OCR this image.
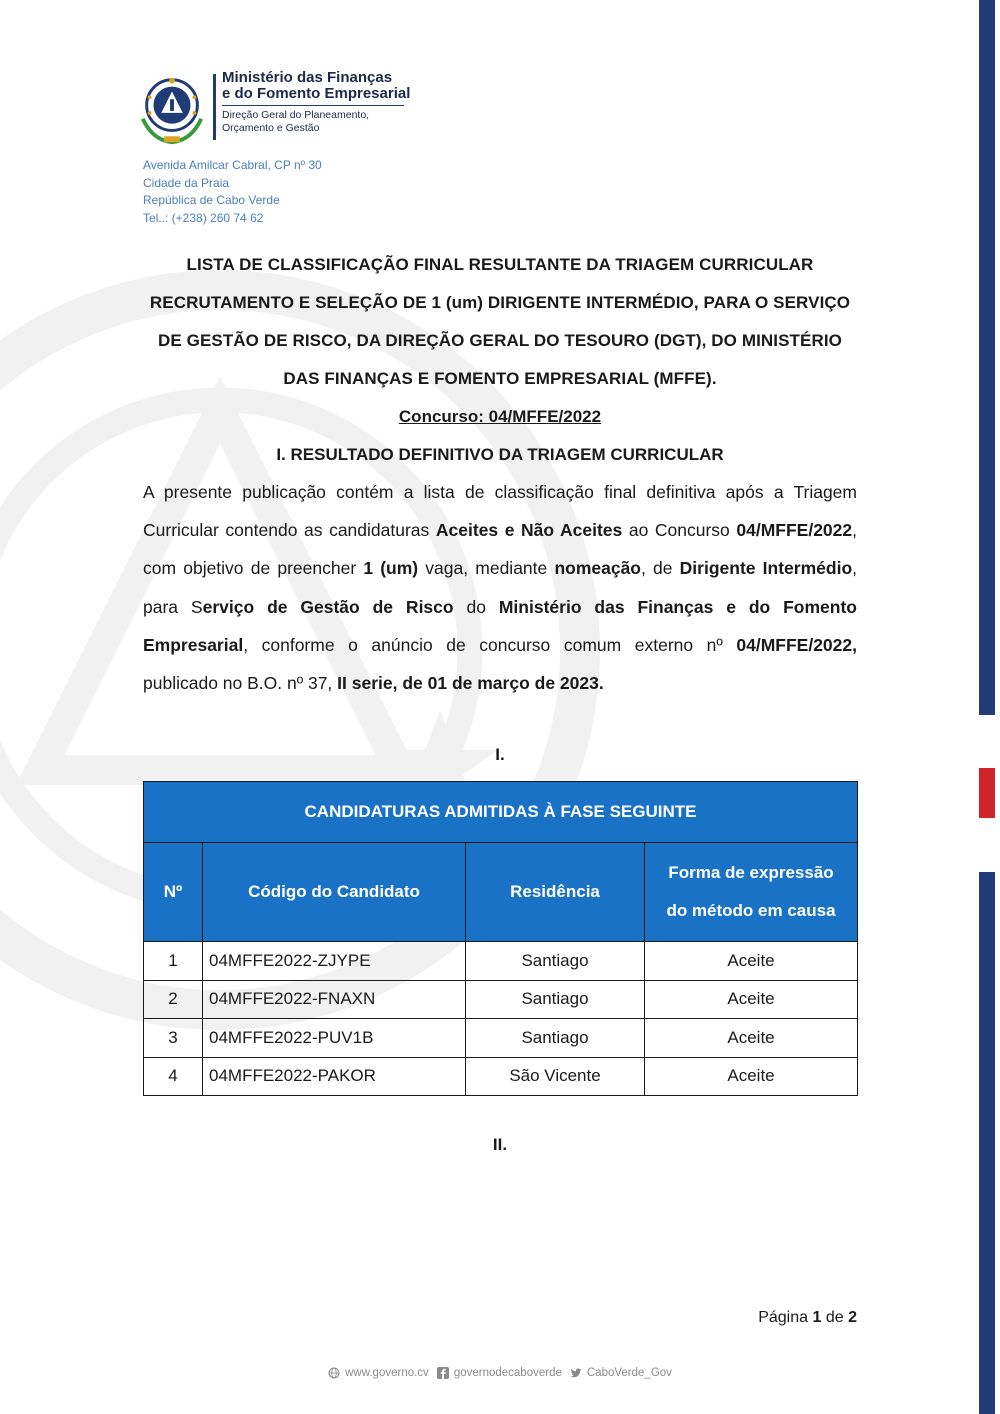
Ministério das Finanças
e do Fomento Empresarial
Direção Geral do Planeamento,
Orçamento e Gestão
Avenida Amilcar Cabral, CP nº 30
Cidade da Praia
República de Cabo Verde
Tel..: (+238) 260 74 62
LISTA DE CLASSIFICAÇÃO FINAL RESULTANTE DA TRIAGEM CURRICULAR
RECRUTAMENTO E SELEÇÃO DE 1 (um) DIRIGENTE INTERMÉDIO, PARA O SERVIÇO
DE GESTÃO DE RISCO, DA DIREÇÃO GERAL DO TESOURO (DGT), DO MINISTÉRIO
DAS FINANÇAS E FOMENTO EMPRESARIAL (MFFE).
Concurso: 04/MFFE/2022
I. RESULTADO DEFINITIVO DA TRIAGEM CURRICULAR
A presente publicação contém a lista de classificação final definitiva após a Triagem Curricular contendo as candidaturas Aceites e Não Aceites ao Concurso 04/MFFE/2022, com objetivo de preencher 1 (um) vaga, mediante nomeação, de Dirigente Intermédio, para Serviço de Gestão de Risco do Ministério das Finanças e do Fomento Empresarial, conforme o anúncio de concurso comum externo nº 04/MFFE/2022, publicado no B.O. nº 37, II serie, de 01 de março de 2023.
I.
CANDIDATURAS ADMITIDAS À FASE SEGUINTE			
Nº	Código do Candidato	Residência	Forma de expressão
do método em causa

1	04MFFE2022-ZJYPE	Santiago	Aceite
2	04MFFE2022-FNAXN	Santiago	Aceite
3	04MFFE2022-PUV1B	Santiago	Aceite
4	04MFFE2022-PAKOR	São Vicente	Aceite
II.
Página 1 de 2
www.governo.cv governodecaboverde CaboVerde_Gov
